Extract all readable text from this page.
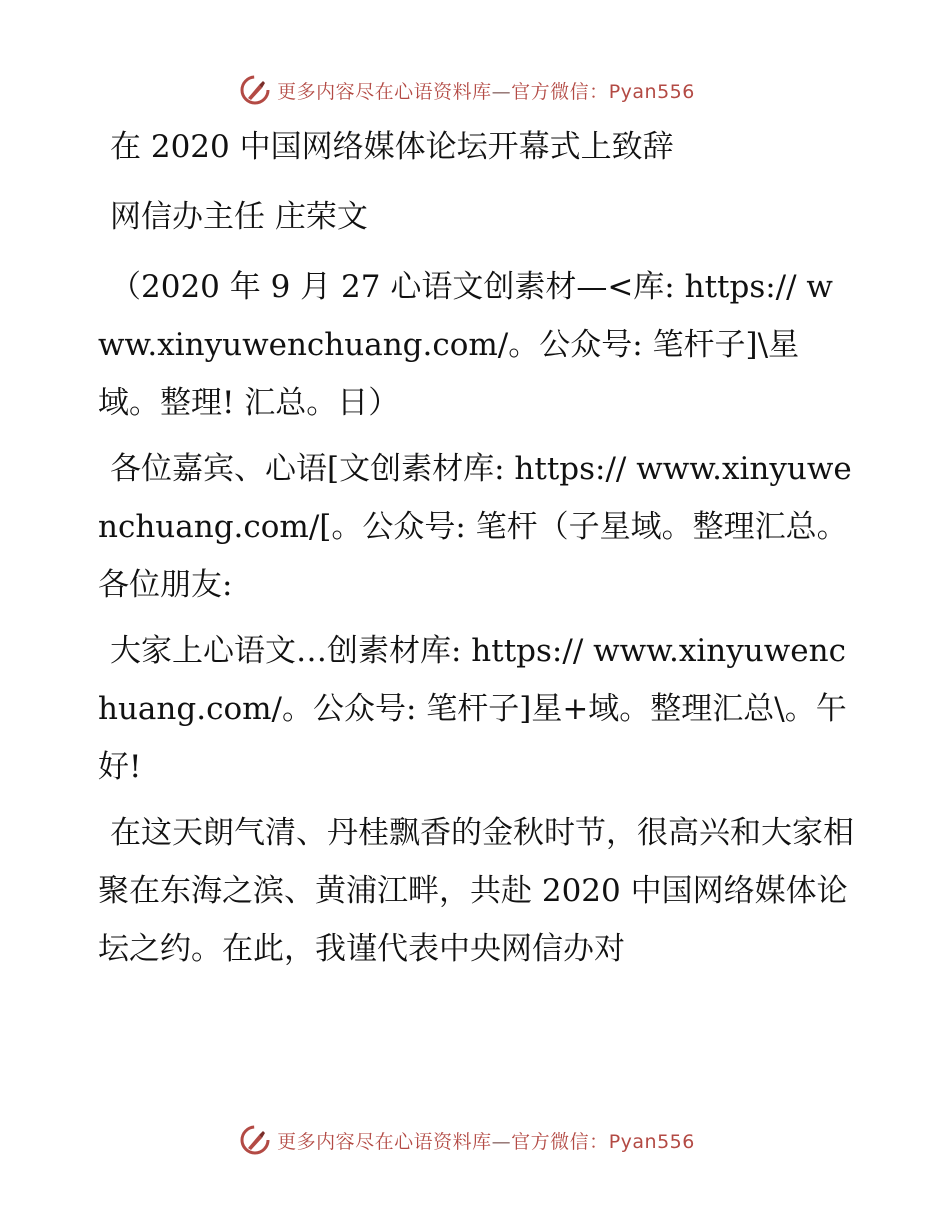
更多内容尽在心语资料库—官方微信：Pyan556

在 2020 中国网络媒体论坛开幕式上致辞

网信办主任 庄荣文

（2020 年 9 月 27 心语文创素材—<库: https:// www.xinyuwenchuang.com/。公众号: 笔杆子]\星域。整理! 汇总。日）

各位嘉宾、心语[文创素材库: https:// www.xinyuwenchuang.com/[。公众号: 笔杆（子星域。整理汇总。各位朋友:

大家上心语文…创素材库: https:// www.xinyuwenchuang.com/。公众号: 笔杆子]星+域。整理汇总\。午好!

在这天朗气清、丹桂飘香的金秋时节，很高兴和大家相聚在东海之滨、黄浦江畔，共赴 2020 中国网络媒体论坛之约。在此，我谨代表中央网信办对

更多内容尽在心语资料库—官方微信：Pyan556
